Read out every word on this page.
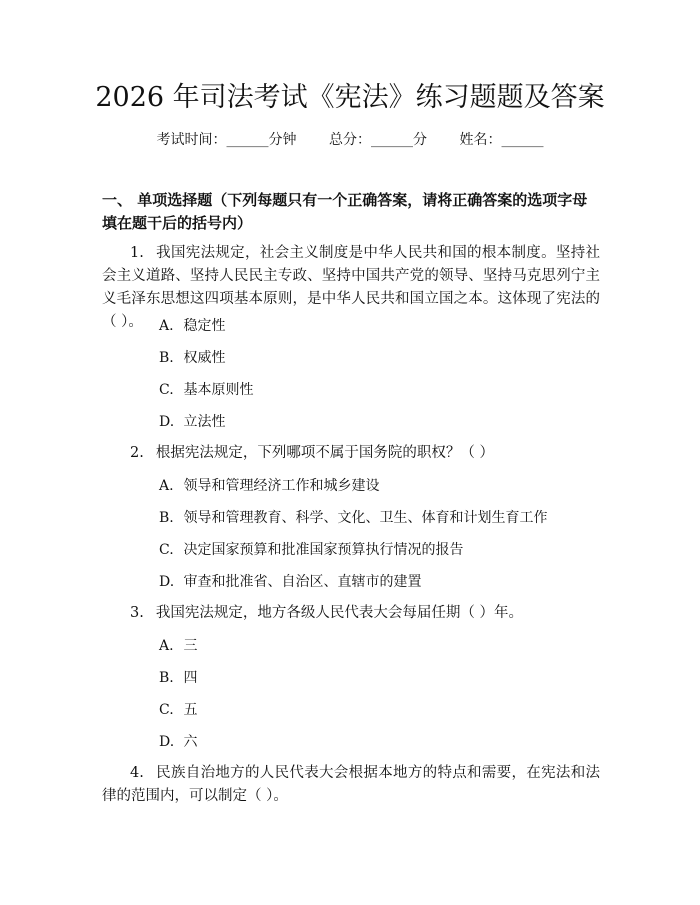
2026 年司法考试《宪法》练习题题及答案
考试时间：______分钟 总分：______分 姓名：______
一、 单项选择题（下列每题只有一个正确答案，请将正确答案的选项字母填在题干后的括号内）
1. 我国宪法规定，社会主义制度是中华人民共和国的根本制度。坚持社会主义道路、坚持人民民主专政、坚持中国共产党的领导、坚持马克思列宁主义毛泽东思想这四项基本原则，是中华人民共和国立国之本。这体现了宪法的（ ）。	A. 稳定性
B. 权威性
C. 基本原则性
D. 立法性
2. 根据宪法规定，下列哪项不属于国务院的职权？（ ）
A. 领导和管理经济工作和城乡建设
B. 领导和管理教育、科学、文化、卫生、体育和计划生育工作
C. 决定国家预算和批准国家预算执行情况的报告
D. 审查和批准省、自治区、直辖市的建置
3. 我国宪法规定，地方各级人民代表大会每届任期（ ）年。
A. 三
B. 四
C. 五
D. 六
4. 民族自治地方的人民代表大会根据本地方的特点和需要，在宪法和法律的范围内，可以制定（ ）。
